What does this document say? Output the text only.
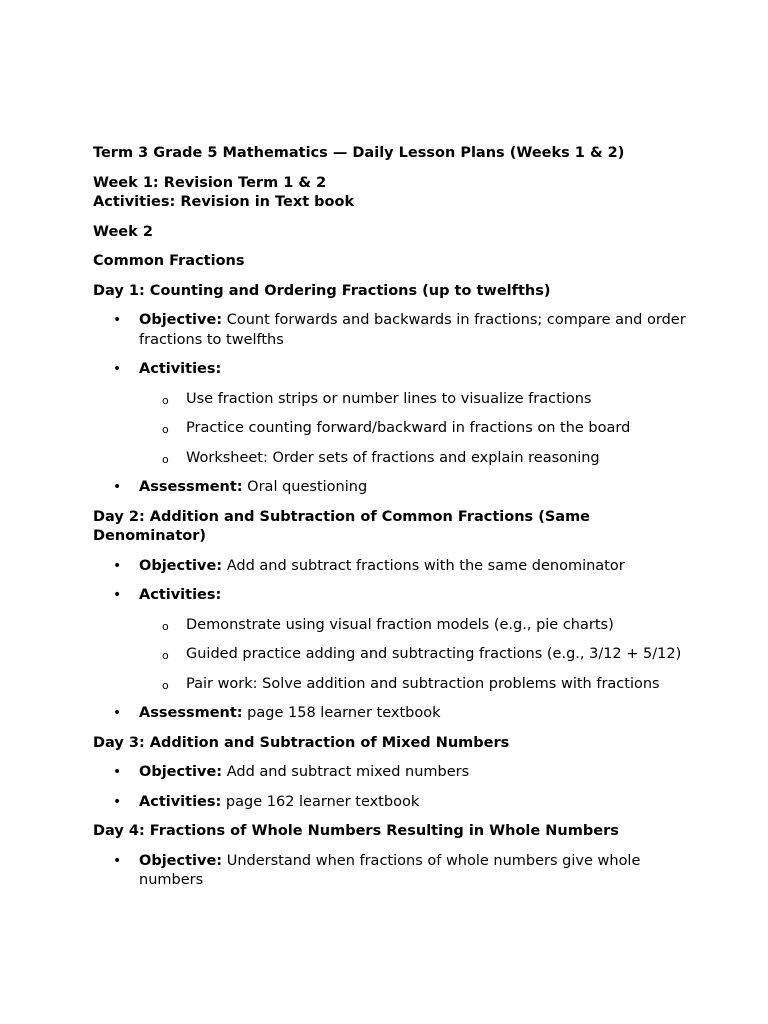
Term 3 Grade 5 Mathematics — Daily Lesson Plans (Weeks 1 & 2)

Week 1: Revision Term 1 & 2

Activities: Revision in Text book

Week 2

Common Fractions

Day 1: Counting and Ordering Fractions (up to twelfths)

• Objective: Count forwards and backwards in fractions; compare and order fractions to twelfths
• Activities:
o Use fraction strips or number lines to visualize fractions
o Practice counting forward/backward in fractions on the board
o Worksheet: Order sets of fractions and explain reasoning
• Assessment: Oral questioning

Day 2: Addition and Subtraction of Common Fractions (Same Denominator)

• Objective: Add and subtract fractions with the same denominator
• Activities:
o Demonstrate using visual fraction models (e.g., pie charts)
o Guided practice adding and subtracting fractions (e.g., 3/12 + 5/12)
o Pair work: Solve addition and subtraction problems with fractions
• Assessment: page 158 learner textbook

Day 3: Addition and Subtraction of Mixed Numbers

• Objective: Add and subtract mixed numbers
• Activities: page 162 learner textbook

Day 4: Fractions of Whole Numbers Resulting in Whole Numbers

• Objective: Understand when fractions of whole numbers give whole numbers
